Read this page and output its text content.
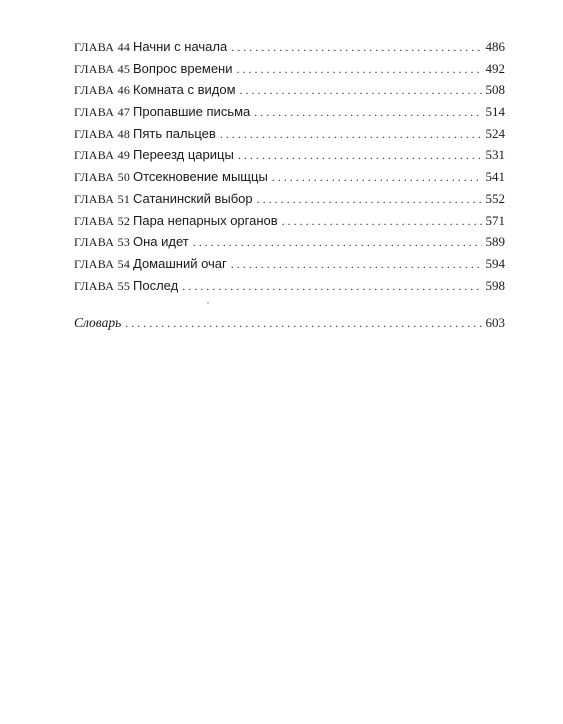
ГЛАВА 44 Начни с начала . . .	486
ГЛАВА 45 Вопрос времени . . .	492
ГЛАВА 46 Комната с видом . . .	508
ГЛАВА 47 Пропавшие письма . . .	514
ГЛАВА 48 Пять пальцев . . .	524
ГЛАВА 49 Переезд царицы . . .	531
ГЛАВА 50 Отсекновение мыщцы . . .	541
ГЛАВА 51 Сатанинский выбор . . .	552
ГЛАВА 52 Пара непарных органов . . .	571
ГЛАВА 53 Она идет . . .	589
ГЛАВА 54 Домашний очаг . . .	594
ГЛАВА 55 Послед . . .	598
Словарь . . .	603
